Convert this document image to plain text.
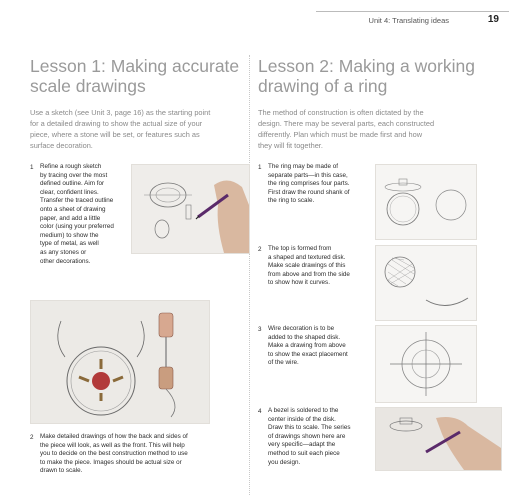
Unit 4: Translating ideas	19
Lesson 1: Making accurate
scale drawings
Use a sketch (see Unit 3, page 16) as the starting point
for a detailed drawing to show the actual size of your
piece, where a stone will be set, or features such as
surface decoration.
1 Refine a rough sketch
by tracing over the most
defined outline. Aim for
clear, confident lines.
Transfer the traced outline
onto a sheet of drawing
paper, and add a little
color (using your preferred
medium) to show the
type of metal, as well
as any stones or
other decorations.
2 Make detailed drawings of how the back and sides of
the piece will look, as well as the front. This will help
you to decide on the best construction method to use
to make the piece. Images should be actual size or
drawn to scale.
Lesson 2: Making a working
drawing of a ring
The method of construction is often dictated by the
design. There may be several parts, each constructed
differently. Plan which must be made first and how
they will fit together.
1 The ring may be made of
separate parts—in this case,
the ring comprises four parts.
First draw the round shank of
the ring to scale.
2 The top is formed from
a shaped and textured disk.
Make scale drawings of this
from above and from the side
to show how it curves.
3 Wire decoration is to be
added to the shaped disk.
Make a drawing from above
to show the exact placement
of the wire.
4 A bezel is soldered to the
center inside of the disk.
Draw this to scale. The series
of drawings shown here are
very specific—adapt the
method to suit each piece
you design.
